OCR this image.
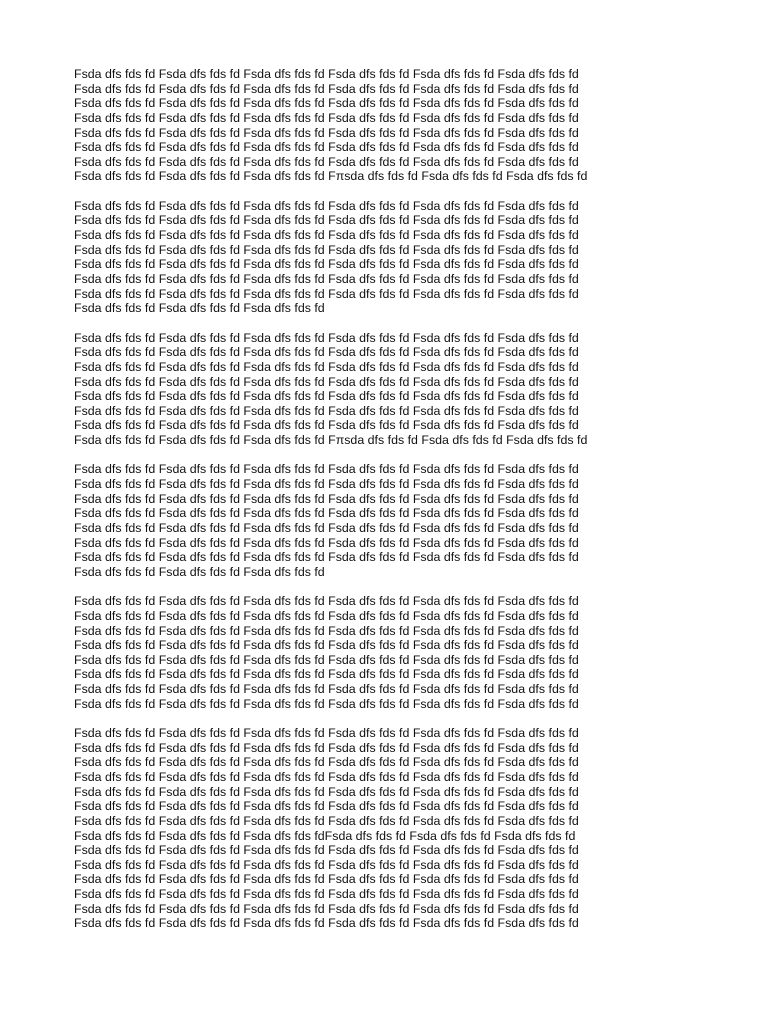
Fsda dfs fds fd Fsda dfs fds fd Fsda dfs fds fd Fsda dfs fds fd Fsda dfs fds fd Fsda dfs fds fd
Fsda dfs fds fd Fsda dfs fds fd Fsda dfs fds fd Fsda dfs fds fd Fsda dfs fds fd Fsda dfs fds fd
Fsda dfs fds fd Fsda dfs fds fd Fsda dfs fds fd Fsda dfs fds fd Fsda dfs fds fd Fsda dfs fds fd
Fsda dfs fds fd Fsda dfs fds fd Fsda dfs fds fd Fsda dfs fds fd Fsda dfs fds fd Fsda dfs fds fd
Fsda dfs fds fd Fsda dfs fds fd Fsda dfs fds fd Fsda dfs fds fd Fsda dfs fds fd Fsda dfs fds fd
Fsda dfs fds fd Fsda dfs fds fd Fsda dfs fds fd Fsda dfs fds fd Fsda dfs fds fd Fsda dfs fds fd
Fsda dfs fds fd Fsda dfs fds fd Fsda dfs fds fd Fsda dfs fds fd Fsda dfs fds fd Fsda dfs fds fd
Fsda dfs fds fd Fsda dfs fds fd Fsda dfs fds fd Fπsda dfs fds fd Fsda dfs fds fd Fsda dfs fds fd

Fsda dfs fds fd Fsda dfs fds fd Fsda dfs fds fd Fsda dfs fds fd Fsda dfs fds fd Fsda dfs fds fd
Fsda dfs fds fd Fsda dfs fds fd Fsda dfs fds fd Fsda dfs fds fd Fsda dfs fds fd Fsda dfs fds fd
Fsda dfs fds fd Fsda dfs fds fd Fsda dfs fds fd Fsda dfs fds fd Fsda dfs fds fd Fsda dfs fds fd
Fsda dfs fds fd Fsda dfs fds fd Fsda dfs fds fd Fsda dfs fds fd Fsda dfs fds fd Fsda dfs fds fd
Fsda dfs fds fd Fsda dfs fds fd Fsda dfs fds fd Fsda dfs fds fd Fsda dfs fds fd Fsda dfs fds fd
Fsda dfs fds fd Fsda dfs fds fd Fsda dfs fds fd Fsda dfs fds fd Fsda dfs fds fd Fsda dfs fds fd
Fsda dfs fds fd Fsda dfs fds fd Fsda dfs fds fd Fsda dfs fds fd Fsda dfs fds fd Fsda dfs fds fd
Fsda dfs fds fd Fsda dfs fds fd Fsda dfs fds fd

Fsda dfs fds fd Fsda dfs fds fd Fsda dfs fds fd Fsda dfs fds fd Fsda dfs fds fd Fsda dfs fds fd
Fsda dfs fds fd Fsda dfs fds fd Fsda dfs fds fd Fsda dfs fds fd Fsda dfs fds fd Fsda dfs fds fd
Fsda dfs fds fd Fsda dfs fds fd Fsda dfs fds fd Fsda dfs fds fd Fsda dfs fds fd Fsda dfs fds fd
Fsda dfs fds fd Fsda dfs fds fd Fsda dfs fds fd Fsda dfs fds fd Fsda dfs fds fd Fsda dfs fds fd
Fsda dfs fds fd Fsda dfs fds fd Fsda dfs fds fd Fsda dfs fds fd Fsda dfs fds fd Fsda dfs fds fd
Fsda dfs fds fd Fsda dfs fds fd Fsda dfs fds fd Fsda dfs fds fd Fsda dfs fds fd Fsda dfs fds fd
Fsda dfs fds fd Fsda dfs fds fd Fsda dfs fds fd Fsda dfs fds fd Fsda dfs fds fd Fsda dfs fds fd
Fsda dfs fds fd Fsda dfs fds fd Fsda dfs fds fd Fπsda dfs fds fd Fsda dfs fds fd Fsda dfs fds fd

Fsda dfs fds fd Fsda dfs fds fd Fsda dfs fds fd Fsda dfs fds fd Fsda dfs fds fd Fsda dfs fds fd
Fsda dfs fds fd Fsda dfs fds fd Fsda dfs fds fd Fsda dfs fds fd Fsda dfs fds fd Fsda dfs fds fd
Fsda dfs fds fd Fsda dfs fds fd Fsda dfs fds fd Fsda dfs fds fd Fsda dfs fds fd Fsda dfs fds fd
Fsda dfs fds fd Fsda dfs fds fd Fsda dfs fds fd Fsda dfs fds fd Fsda dfs fds fd Fsda dfs fds fd
Fsda dfs fds fd Fsda dfs fds fd Fsda dfs fds fd Fsda dfs fds fd Fsda dfs fds fd Fsda dfs fds fd
Fsda dfs fds fd Fsda dfs fds fd Fsda dfs fds fd Fsda dfs fds fd Fsda dfs fds fd Fsda dfs fds fd
Fsda dfs fds fd Fsda dfs fds fd Fsda dfs fds fd Fsda dfs fds fd Fsda dfs fds fd Fsda dfs fds fd
Fsda dfs fds fd Fsda dfs fds fd Fsda dfs fds fd

Fsda dfs fds fd Fsda dfs fds fd Fsda dfs fds fd Fsda dfs fds fd Fsda dfs fds fd Fsda dfs fds fd
Fsda dfs fds fd Fsda dfs fds fd Fsda dfs fds fd Fsda dfs fds fd Fsda dfs fds fd Fsda dfs fds fd
Fsda dfs fds fd Fsda dfs fds fd Fsda dfs fds fd Fsda dfs fds fd Fsda dfs fds fd Fsda dfs fds fd
Fsda dfs fds fd Fsda dfs fds fd Fsda dfs fds fd Fsda dfs fds fd Fsda dfs fds fd Fsda dfs fds fd
Fsda dfs fds fd Fsda dfs fds fd Fsda dfs fds fd Fsda dfs fds fd Fsda dfs fds fd Fsda dfs fds fd
Fsda dfs fds fd Fsda dfs fds fd Fsda dfs fds fd Fsda dfs fds fd Fsda dfs fds fd Fsda dfs fds fd
Fsda dfs fds fd Fsda dfs fds fd Fsda dfs fds fd Fsda dfs fds fd Fsda dfs fds fd Fsda dfs fds fd
Fsda dfs fds fd Fsda dfs fds fd Fsda dfs fds fd Fsda dfs fds fd Fsda dfs fds fd Fsda dfs fds fd

Fsda dfs fds fd Fsda dfs fds fd Fsda dfs fds fd Fsda dfs fds fd Fsda dfs fds fd Fsda dfs fds fd
Fsda dfs fds fd Fsda dfs fds fd Fsda dfs fds fd Fsda dfs fds fd Fsda dfs fds fd Fsda dfs fds fd
Fsda dfs fds fd Fsda dfs fds fd Fsda dfs fds fd Fsda dfs fds fd Fsda dfs fds fd Fsda dfs fds fd
Fsda dfs fds fd Fsda dfs fds fd Fsda dfs fds fd Fsda dfs fds fd Fsda dfs fds fd Fsda dfs fds fd
Fsda dfs fds fd Fsda dfs fds fd Fsda dfs fds fd Fsda dfs fds fd Fsda dfs fds fd Fsda dfs fds fd
Fsda dfs fds fd Fsda dfs fds fd Fsda dfs fds fd Fsda dfs fds fd Fsda dfs fds fd Fsda dfs fds fd
Fsda dfs fds fd Fsda dfs fds fd Fsda dfs fds fd Fsda dfs fds fd Fsda dfs fds fd Fsda dfs fds fd
Fsda dfs fds fd Fsda dfs fds fd Fsda dfs fds fdFsda dfs fds fd Fsda dfs fds fd Fsda dfs fds fd
Fsda dfs fds fd Fsda dfs fds fd Fsda dfs fds fd Fsda dfs fds fd Fsda dfs fds fd Fsda dfs fds fd
Fsda dfs fds fd Fsda dfs fds fd Fsda dfs fds fd Fsda dfs fds fd Fsda dfs fds fd Fsda dfs fds fd
Fsda dfs fds fd Fsda dfs fds fd Fsda dfs fds fd Fsda dfs fds fd Fsda dfs fds fd Fsda dfs fds fd
Fsda dfs fds fd Fsda dfs fds fd Fsda dfs fds fd Fsda dfs fds fd Fsda dfs fds fd Fsda dfs fds fd
Fsda dfs fds fd Fsda dfs fds fd Fsda dfs fds fd Fsda dfs fds fd Fsda dfs fds fd Fsda dfs fds fd
Fsda dfs fds fd Fsda dfs fds fd Fsda dfs fds fd Fsda dfs fds fd Fsda dfs fds fd Fsda dfs fds fd
